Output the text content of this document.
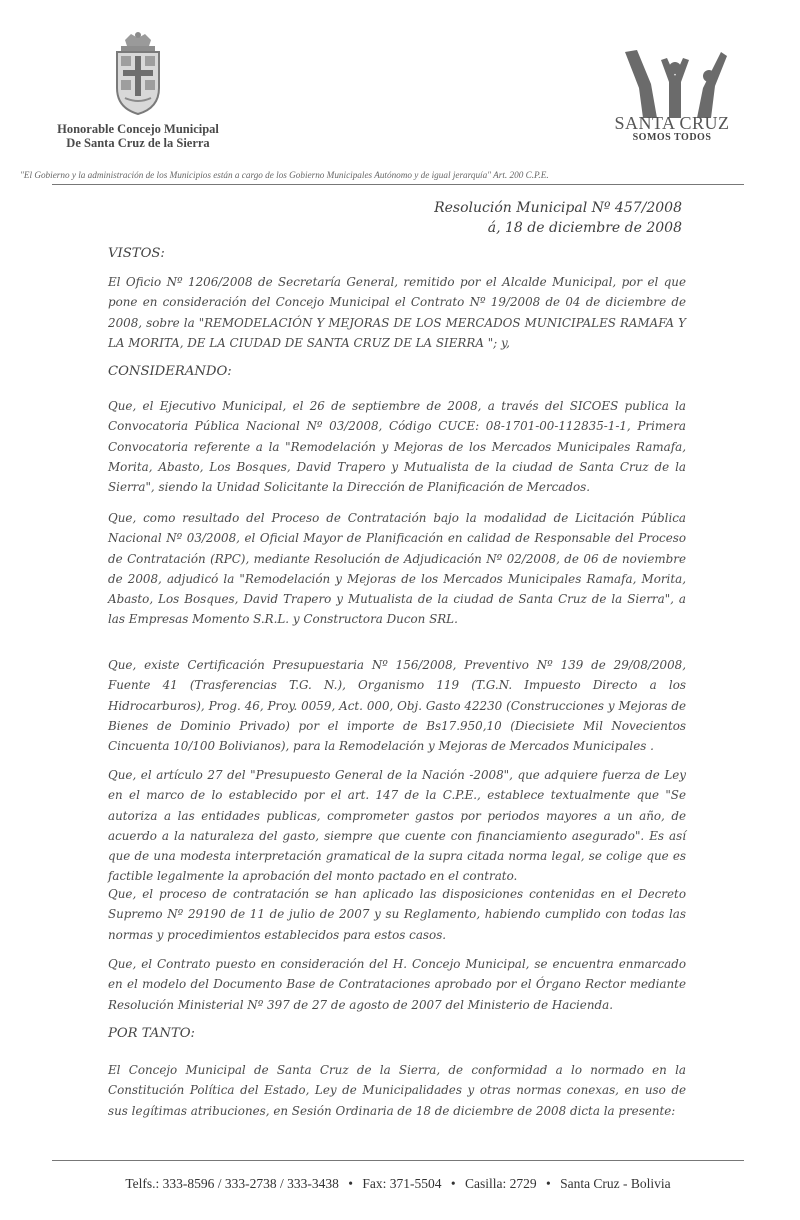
Honorable Concejo Municipal
De Santa Cruz de la Sierra
SANTA CRUZ
SOMOS TODOS
"El Gobierno y la administración de los Municipios están a cargo de los Gobierno Municipales Autónomo y de igual jerarquía" Art. 200 C.P.E.
Resolución Municipal Nº 457/2008
á, 18 de diciembre de 2008
VISTOS:

El Oficio Nº 1206/2008 de Secretaría General, remitido por el Alcalde Municipal, por el que pone en consideración del Concejo Municipal el Contrato Nº 19/2008 de 04 de diciembre de 2008, sobre la "REMODELACIÓN Y MEJORAS DE LOS MERCADOS MUNICIPALES RAMAFA Y LA MORITA, DE LA CIUDAD DE SANTA CRUZ DE LA SIERRA "; y,

CONSIDERANDO:

Que, el Ejecutivo Municipal, el 26 de septiembre de 2008, a través del SICOES publica la Convocatoria Pública Nacional Nº 03/2008, Código CUCE: 08-1701-00-112835-1-1, Primera Convocatoria referente a la "Remodelación y Mejoras de los Mercados Municipales Ramafa, Morita, Abasto, Los Bosques, David Trapero y Mutualista de la ciudad de Santa Cruz de la Sierra", siendo la Unidad Solicitante la Dirección de Planificación de Mercados.

Que, como resultado del Proceso de Contratación bajo la modalidad de Licitación Pública Nacional Nº 03/2008, el Oficial Mayor de Planificación en calidad de Responsable del Proceso de Contratación (RPC), mediante Resolución de Adjudicación Nº 02/2008, de 06 de noviembre de 2008, adjudicó la "Remodelación y Mejoras de los Mercados Municipales Ramafa, Morita, Abasto, Los Bosques, David Trapero y Mutualista de la ciudad de Santa Cruz de la Sierra", a las Empresas Momento S.R.L. y Constructora Ducon SRL.

Que, existe Certificación Presupuestaria Nº 156/2008, Preventivo Nº 139 de 29/08/2008, Fuente 41 (Trasferencias T.G. N.), Organismo 119 (T.G.N. Impuesto Directo a los Hidrocarburos), Prog. 46, Proy. 0059, Act. 000, Obj. Gasto 42230 (Construcciones y Mejoras de Bienes de Dominio Privado) por el importe de Bs17.950,10 (Diecisiete Mil Novecientos Cincuenta 10/100 Bolivianos), para la Remodelación y Mejoras de Mercados Municipales .

Que, el artículo 27 del "Presupuesto General de la Nación -2008", que adquiere fuerza de Ley en el marco de lo establecido por el art. 147 de la C.P.E., establece textualmente que "Se autoriza a las entidades publicas, comprometer gastos por periodos mayores a un año, de acuerdo a la naturaleza del gasto, siempre que cuente con financiamiento asegurado". Es así que de una modesta interpretación gramatical de la supra citada norma legal, se colige que es factible legalmente la aprobación del monto pactado en el contrato.

Que, el proceso de contratación se han aplicado las disposiciones contenidas en el Decreto Supremo Nº 29190 de 11 de julio de 2007 y su Reglamento, habiendo cumplido con todas las normas y procedimientos establecidos para estos casos.

Que, el Contrato puesto en consideración del H. Concejo Municipal, se encuentra enmarcado en el modelo del Documento Base de Contrataciones aprobado por el Órgano Rector mediante Resolución Ministerial Nº 397 de 27 de agosto de 2007 del Ministerio de Hacienda.

POR TANTO:

El Concejo Municipal de Santa Cruz de la Sierra, de conformidad a lo normado en la Constitución Política del Estado, Ley de Municipalidades y otras normas conexas, en uso de sus legítimas atribuciones, en Sesión Ordinaria de 18 de diciembre de 2008 dicta la presente:

Telfs.: 333-8596 / 333-2738 / 333-3438 • Fax: 371-5504 • Casilla: 2729 • Santa Cruz - Bolivia
